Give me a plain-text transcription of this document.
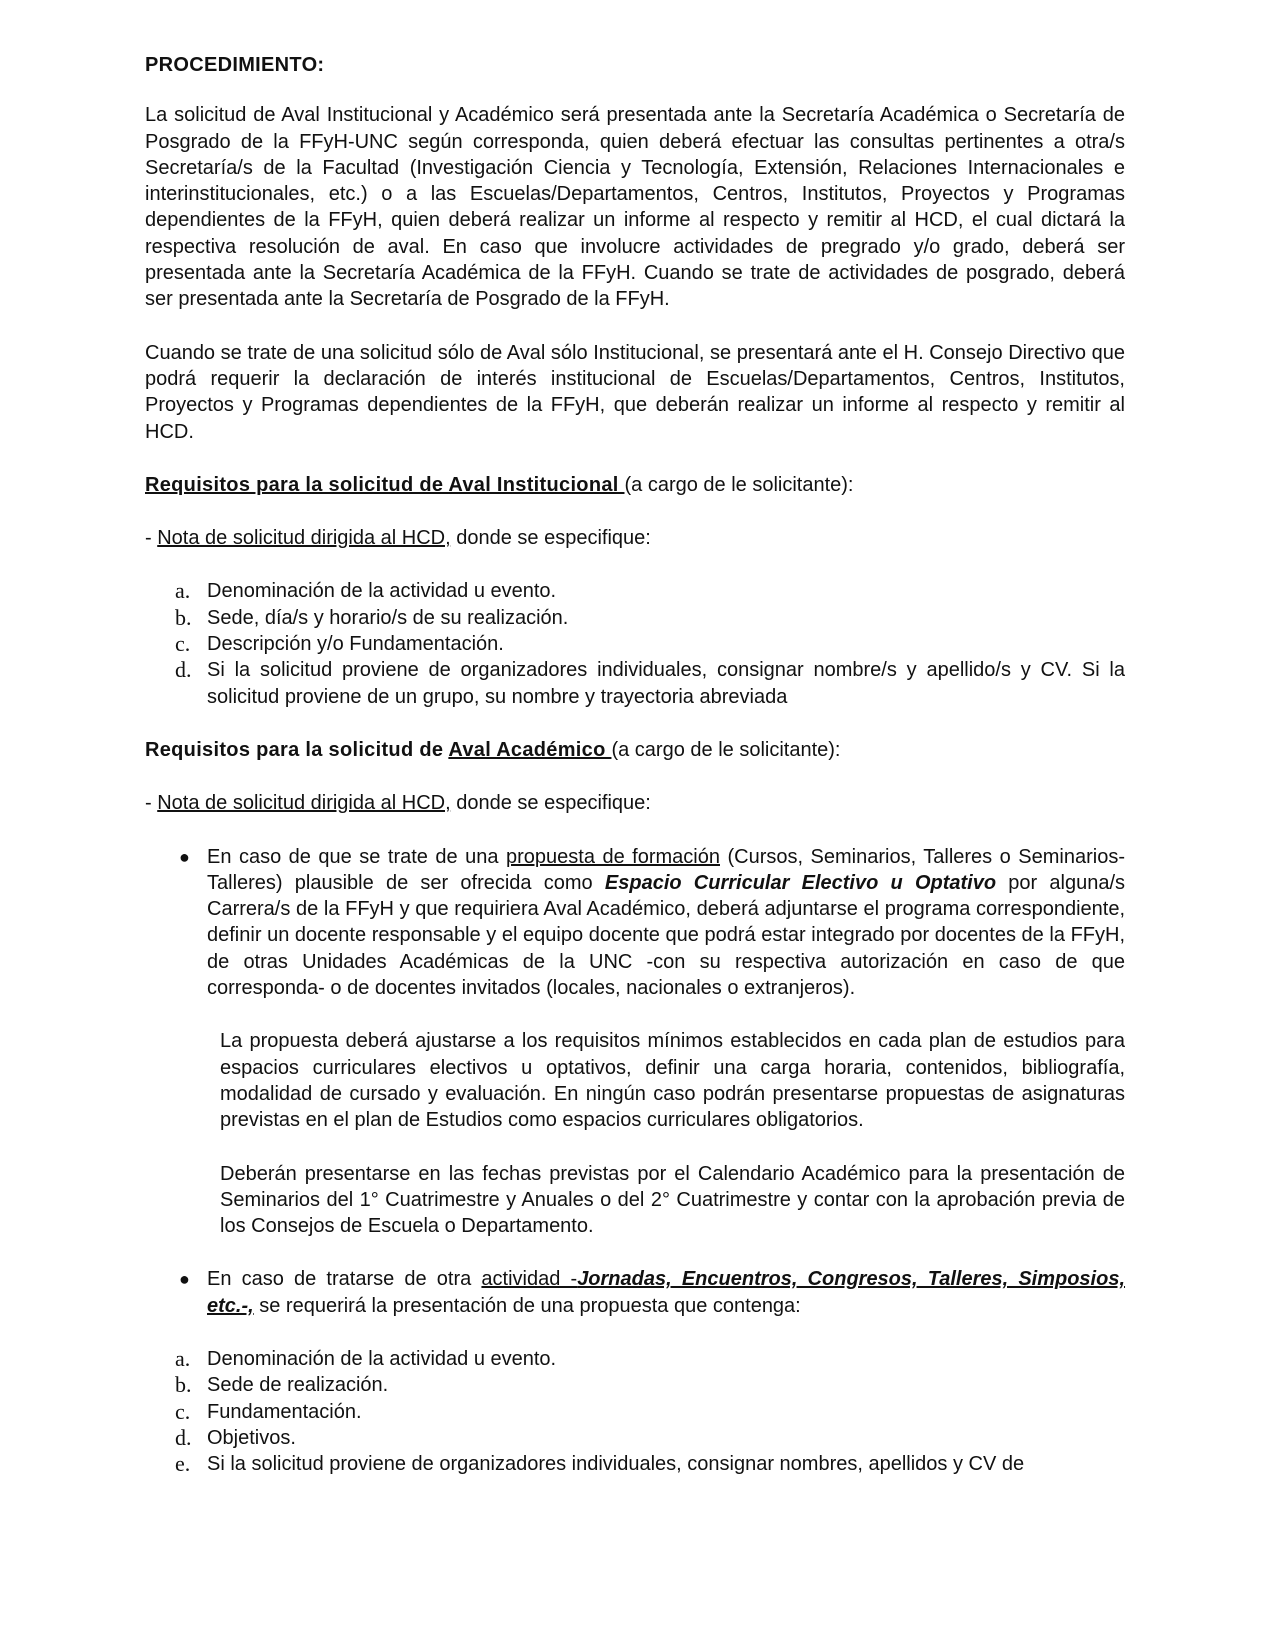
PROCEDIMIENTO:

La solicitud de Aval Institucional y Académico será presentada ante la Secretaría Académica o Secretaría de Posgrado de la FFyH-UNC según corresponda, quien deberá efectuar las consultas pertinentes a otra/s Secretaría/s de la Facultad (Investigación Ciencia y Tecnología, Extensión, Relaciones Internacionales e interinstitucionales, etc.) o a las Escuelas/Departamentos, Centros, Institutos, Proyectos y Programas dependientes de la FFyH, quien deberá realizar un informe al respecto y remitir al HCD, el cual dictará la respectiva resolución de aval. En caso que involucre actividades de pregrado y/o grado, deberá ser presentada ante la Secretaría Académica de la FFyH. Cuando se trate de actividades de posgrado, deberá ser presentada ante la Secretaría de Posgrado de la FFyH.

Cuando se trate de una solicitud sólo de Aval sólo Institucional, se presentará ante el H. Consejo Directivo que podrá requerir la declaración de interés institucional de Escuelas/Departamentos, Centros, Institutos, Proyectos y Programas dependientes de la FFyH, que deberán realizar un informe al respecto y remitir al HCD.

Requisitos para la solicitud de Aval Institucional (a cargo de le solicitante):

- Nota de solicitud dirigida al HCD, donde se especifique:

a. Denominación de la actividad u evento.
b. Sede, día/s y horario/s de su realización.
c. Descripción y/o Fundamentación.
d. Si la solicitud proviene de organizadores individuales, consignar nombre/s y apellido/s y CV. Si la solicitud proviene de un grupo, su nombre y trayectoria abreviada

Requisitos para la solicitud de Aval Académico (a cargo de le solicitante):

- Nota de solicitud dirigida al HCD, donde se especifique:

● En caso de que se trate de una propuesta de formación (Cursos, Seminarios, Talleres o Seminarios-Talleres) plausible de ser ofrecida como Espacio Curricular Electivo u Optativo por alguna/s Carrera/s de la FFyH y que requiriera Aval Académico, deberá adjuntarse el programa correspondiente, definir un docente responsable y el equipo docente que podrá estar integrado por docentes de la FFyH, de otras Unidades Académicas de la UNC -con su respectiva autorización en caso de que corresponda- o de docentes invitados (locales, nacionales o extranjeros).

La propuesta deberá ajustarse a los requisitos mínimos establecidos en cada plan de estudios para espacios curriculares electivos u optativos, definir una carga horaria, contenidos, bibliografía, modalidad de cursado y evaluación. En ningún caso podrán presentarse propuestas de asignaturas previstas en el plan de Estudios como espacios curriculares obligatorios.

Deberán presentarse en las fechas previstas por el Calendario Académico para la presentación de Seminarios del 1° Cuatrimestre y Anuales o del 2° Cuatrimestre y contar con la aprobación previa de los Consejos de Escuela o Departamento.

● En caso de tratarse de otra actividad -Jornadas, Encuentros, Congresos, Talleres, Simposios, etc.-, se requerirá la presentación de una propuesta que contenga:
a. Denominación de la actividad u evento.
b. Sede de realización.
c. Fundamentación.
d. Objetivos.
e. Si la solicitud proviene de organizadores individuales, consignar nombres, apellidos y CV de
